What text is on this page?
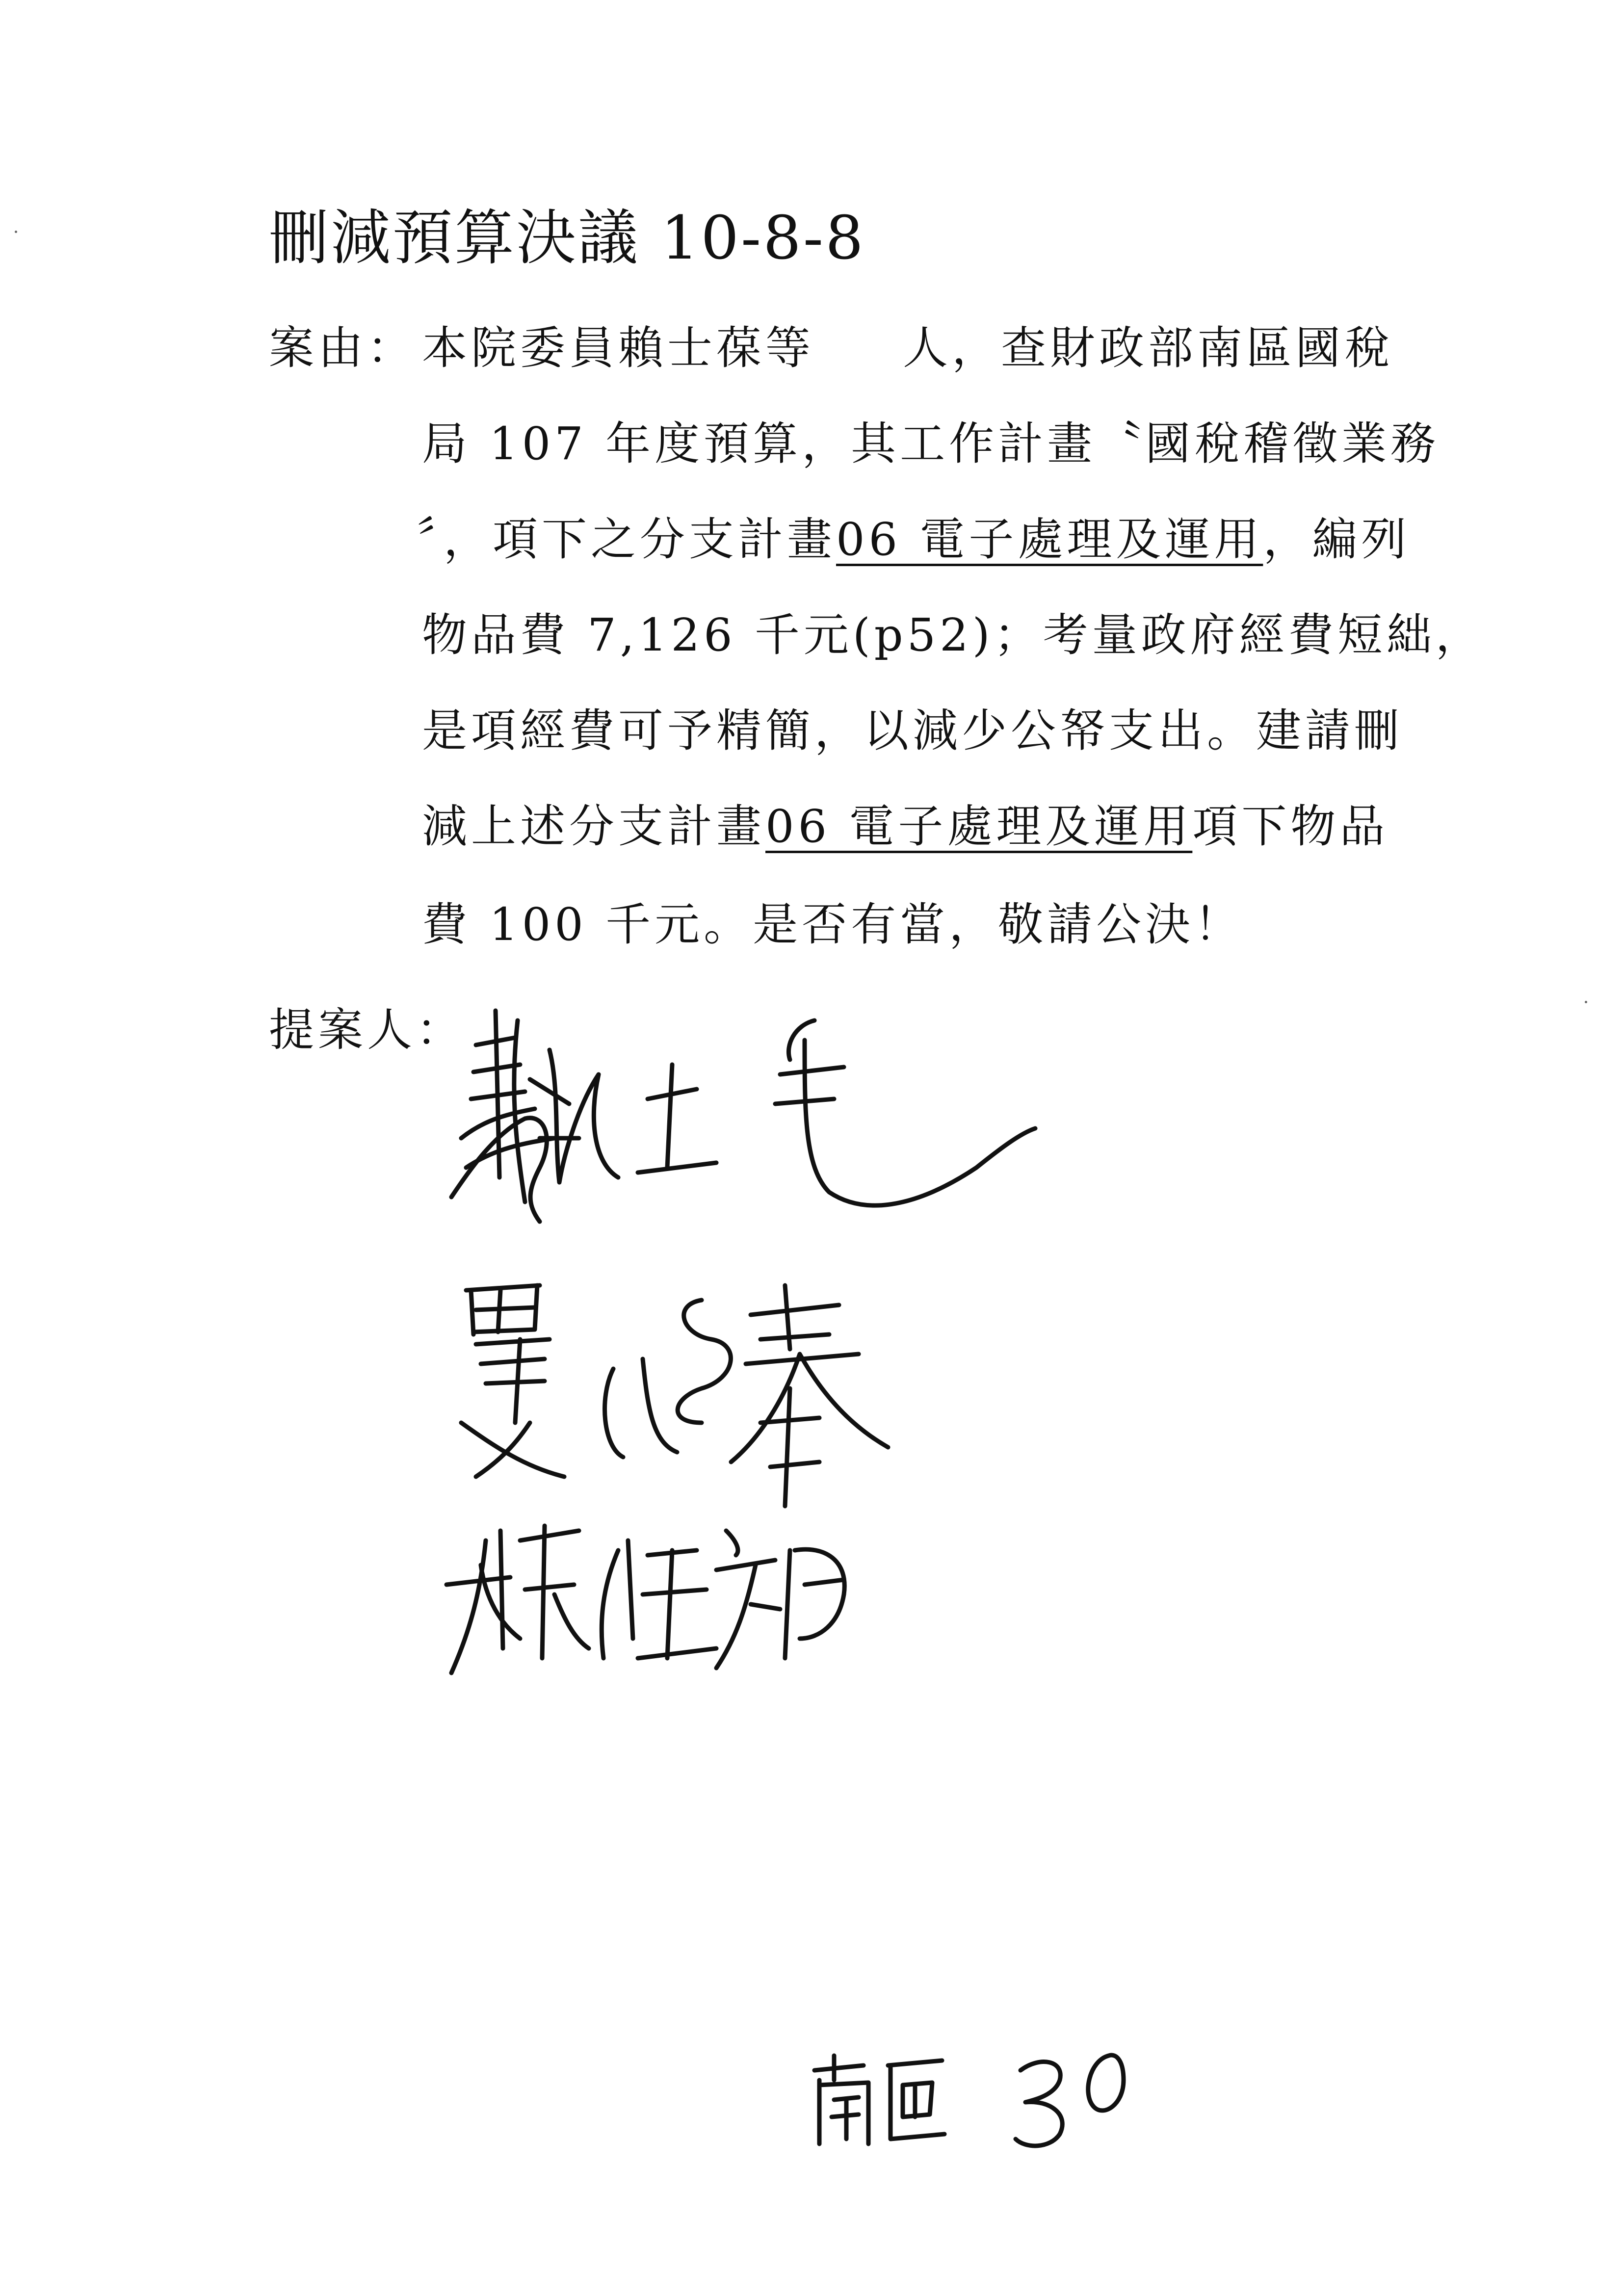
刪減預算決議 10-8-8
案由： 本院委員賴士葆等 人，查財政部南區國稅
局 107 年度預算，其工作計畫〝國稅稽徵業務
〞，項下之分支計畫06 電子處理及運用，編列
物品費 7,126 千元(p52)；考量政府經費短絀，
是項經費可予精簡，以減少公帑支出。建請刪
減上述分支計畫06 電子處理及運用項下物品
費 100 千元。是否有當，敬請公決！
提案人：
